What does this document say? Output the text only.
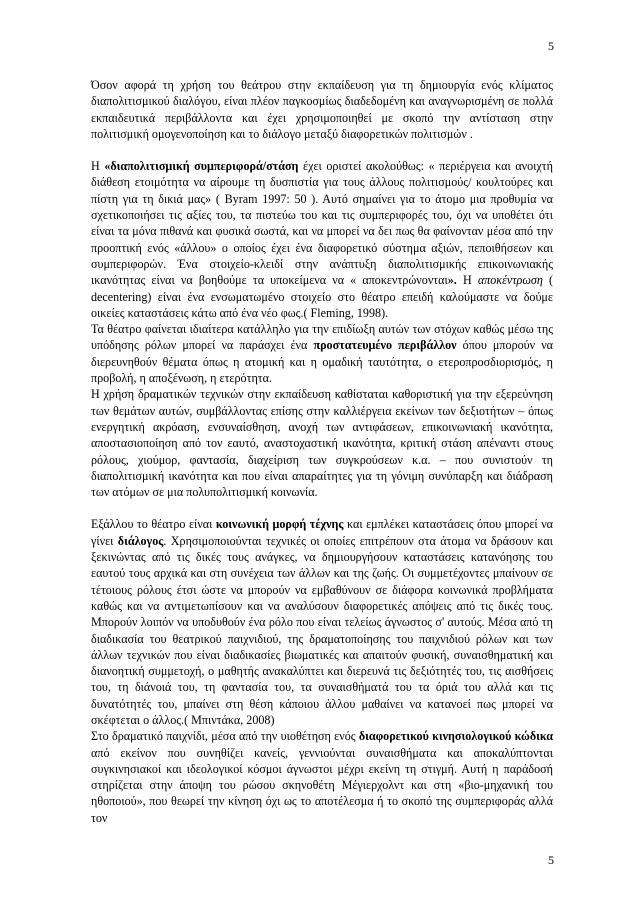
5

Όσον αφορά τη χρήση του θεάτρου στην εκπαίδευση για τη δημιουργία ενός κλίματος διαπολιτισμικού διαλόγου, είναι πλέον παγκοσμίως διαδεδομένη και αναγνωρισμένη σε πολλά εκπαιδευτικά περιβάλλοντα και έχει χρησιμοποιηθεί με σκοπό την αντίσταση στην πολιτισμική ομογενοποίηση και το διάλογο μεταξύ διαφορετικών πολιτισμών .

Η «διαπολιτισμική συμπεριφορά/στάση έχει οριστεί ακολούθως: « περιέργεια και ανοιχτή διάθεση ετοιμότητα να αίρουμε τη δυσπιστία για τους άλλους πολιτισμούς/ κουλτούρες και πίστη για τη δικιά μας» ( Byram 1997: 50 ). Αυτό σημαίνει για το άτομο μια προθυμία να σχετικοποιήσει τις αξίες του, τα πιστεύω του και τις συμπεριφορές του, όχι να υποθέτει ότι είναι τα μόνα πιθανά και φυσικά σωστά, και να μπορεί να δει πως θα φαίνονταν μέσα από την προοπτική ενός «άλλου» ο οποίος έχει ένα διαφορετικό σύστημα αξιών, πεποιθήσεων και συμπεριφορών. Ένα στοιχείο-κλειδί στην ανάπτυξη διαπολιτισμικής επικοινωνιακής ικανότητας είναι να βοηθούμε τα υποκείμενα να « αποκεντρώνονται». Η αποκέντρωση ( decentering) είναι ένα ενσωματωμένο στοιχείο στο θέατρο επειδή καλούμαστε να δούμε οικείες καταστάσεις κάτω από ένα νέο φως.( Fleming, 1998).

Τα θέατρο φαίνεται ιδιαίτερα κατάλληλο για την επιδίωξη αυτών των στόχων καθώς μέσω της υπόδησης ρόλων μπορεί να παράσχει ένα προστατευμένο περιβάλλον όπου μπορούν να διερευνηθούν θέματα όπως η ατομική και η ομαδική ταυτότητα, ο ετεροπροσδιορισμός, η προβολή, η αποξένωση, η ετερότητα.

Η χρήση δραματικών τεχνικών στην εκπαίδευση καθίσταται καθοριστική για την εξερεύνηση των θεμάτων αυτών, συμβάλλοντας επίσης στην καλλιέργεια εκείνων των δεξιοτήτων – όπως ενεργητική ακρόαση, ενσυναίσθηση, ανοχή των αντιφάσεων, επικοινωνιακή ικανότητα, αποστασιοποίηση από τον εαυτό, αναστοχαστική ικανότητα, κριτική στάση απέναντι στους ρόλους, χιούμορ, φαντασία, διαχείριση των συγκρούσεων κ.α. – που συνιστούν τη διαπολιτισμική ικανότητα και που είναι απαραίτητες για τη γόνιμη συνύπαρξη και διάδραση των ατόμων σε μια πολυπολιτισμική κοινωνία.

Εξάλλου το θέατρο είναι κοινωνική μορφή τέχνης και εμπλέκει καταστάσεις όπου μπορεί να γίνει διάλογος. Χρησιμοποιούνται τεχνικές οι οποίες επιτρέπουν στα άτομα να δράσουν και ξεκινώντας από τις δικές τους ανάγκες, να δημιουργήσουν καταστάσεις κατανόησης του εαυτού τους αρχικά και στη συνέχεια των άλλων και της ζωής. Οι συμμετέχοντες μπαίνουν σε τέτοιους ρόλους έτσι ώστε να μπορούν να εμβαθύνουν σε διάφορα κοινωνικά προβλήματα καθώς και να αντιμετωπίσουν και να αναλύσουν διαφορετικές απόψεις από τις δικές τους. Μπορούν λοιπόν να υποδυθούν ένα ρόλο που είναι τελείως άγνωστος σ' αυτούς. Μέσα από τη διαδικασία του θεατρικού παιχνιδιού, της δραματοποίησης του παιχνιδιού ρόλων και των άλλων τεχνικών που είναι διαδικασίες βιωματικές και απαιτούν φυσική, συναισθηματική και διανοητική συμμετοχή, ο μαθητής ανακαλύπτει και διερευνά τις δεξιότητές του, τις αισθήσεις του, τη διάνοιά του, τη φαντασία του, τα συναισθήματά του τα όριά του αλλά και τις δυνατότητές του, μπαίνει στη θέση κάποιου άλλου μαθαίνει να κατανοεί πως μπορεί να σκέφτεται ο άλλος.( Μπιντάκα, 2008)

Στο δραματικό παιχνίδι, μέσα από την υιοθέτηση ενός διαφορετικού κινησιολογικού κώδικα από εκείνον που συνηθίζει κανείς, γεννιούνται συναισθήματα και αποκαλύπτονται συγκινησιακοί και ιδεολογικοί κόσμοι άγνωστοι μέχρι εκείνη τη στιγμή. Αυτή η παράδοσή στηρίζεται στην άποψη του ρώσου σκηνοθέτη Μέγιερχολντ και στη «βιο-μηχανική του ηθοποιού», που θεωρεί την κίνηση όχι ως το αποτέλεσμα ή το σκοπό της συμπεριφοράς αλλά τον

5
